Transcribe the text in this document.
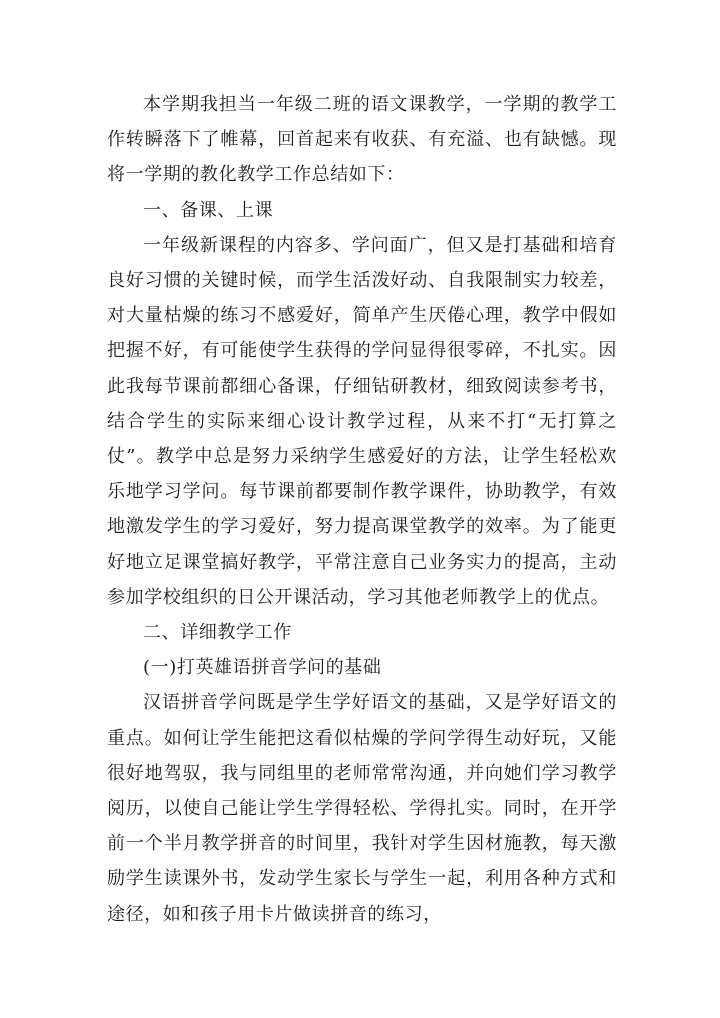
本学期我担当一年级二班的语文课教学，一学期的教学工作转瞬落下了帷幕，回首起来有收获、有充溢、也有缺憾。现将一学期的教化教学工作总结如下：

一、备课、上课

一年级新课程的内容多、学问面广，但又是打基础和培育良好习惯的关键时候，而学生活泼好动、自我限制实力较差，对大量枯燥的练习不感爱好，简单产生厌倦心理，教学中假如把握不好，有可能使学生获得的学问显得很零碎，不扎实。因此我每节课前都细心备课，仔细钻研教材，细致阅读参考书，结合学生的实际来细心设计教学过程，从来不打“无打算之仗”。教学中总是努力采纳学生感爱好的方法，让学生轻松欢乐地学习学问。每节课前都要制作教学课件，协助教学，有效地激发学生的学习爱好，努力提高课堂教学的效率。为了能更好地立足课堂搞好教学，平常注意自己业务实力的提高，主动参加学校组织的日公开课活动，学习其他老师教学上的优点。

二、详细教学工作

(一)打英雄语拼音学问的基础

汉语拼音学问既是学生学好语文的基础，又是学好语文的重点。如何让学生能把这看似枯燥的学问学得生动好玩，又能很好地驾驭，我与同组里的老师常常沟通，并向她们学习教学阅历，以使自己能让学生学得轻松、学得扎实。同时，在开学前一个半月教学拼音的时间里，我针对学生因材施教，每天激励学生读课外书，发动学生家长与学生一起，利用各种方式和途径，如和孩子用卡片做读拼音的练习，
